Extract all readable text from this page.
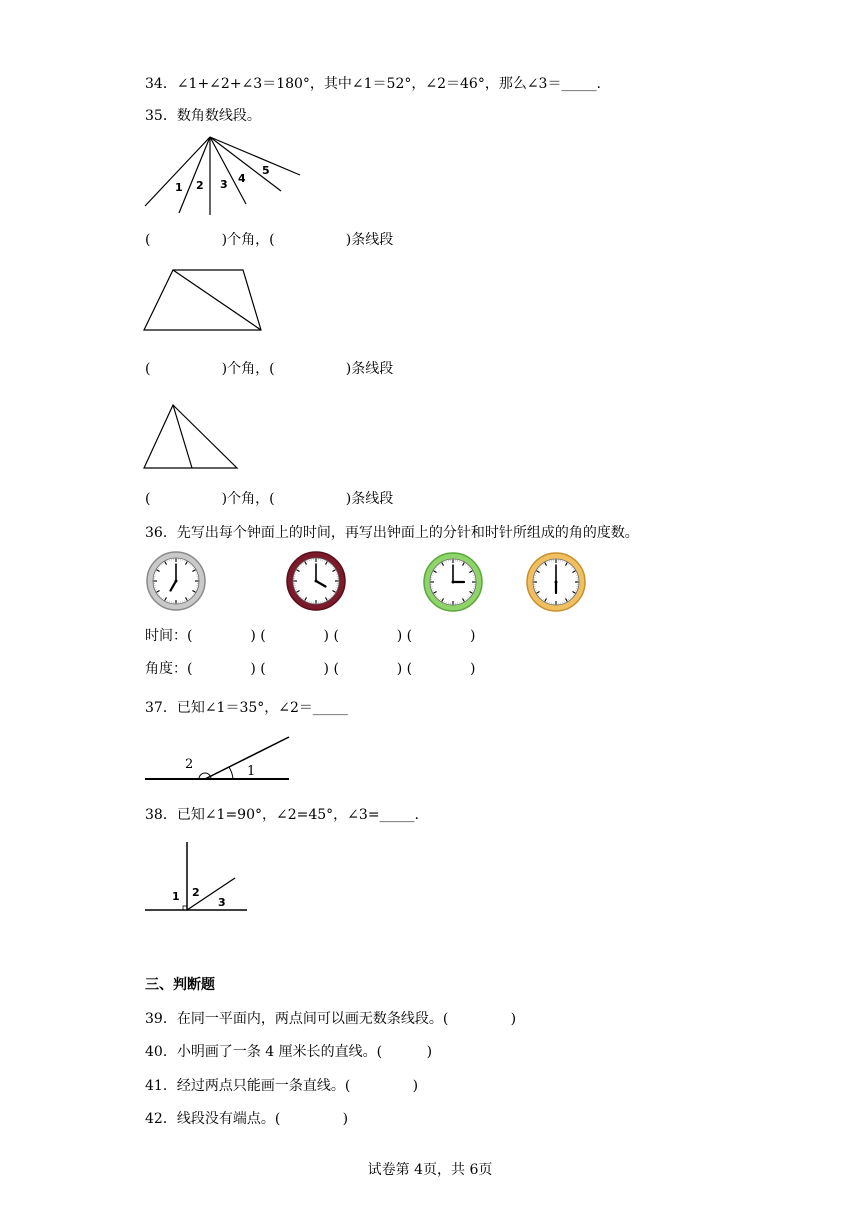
34．∠1+∠2+∠3＝180°，其中∠1＝52°，∠2＝46°，那么∠3＝_____.
35．数角数线段。
1 2 3 4
5
(                )个角，(                )条线段
(                )个角，(                )条线段
(                )个角，(                )条线段
36．先写出每个钟面上的时间，再写出钟面上的分针和时针所组成的角的度数。
时间：(             ) (             ) (             ) (             )
角度：(             ) (             ) (             ) (             )
37．已知∠1＝35°，∠2＝_____
2	1
38．已知∠1=90°，∠2=45°，∠3=_____.
1 2
3
三、判断题
39．在同一平面内，两点间可以画无数条线段。(              )
40．小明画了一条 4 厘米长的直线。(          )
41．经过两点只能画一条直线。(              )
42．线段没有端点。(              )
试卷第 4页，共 6页
